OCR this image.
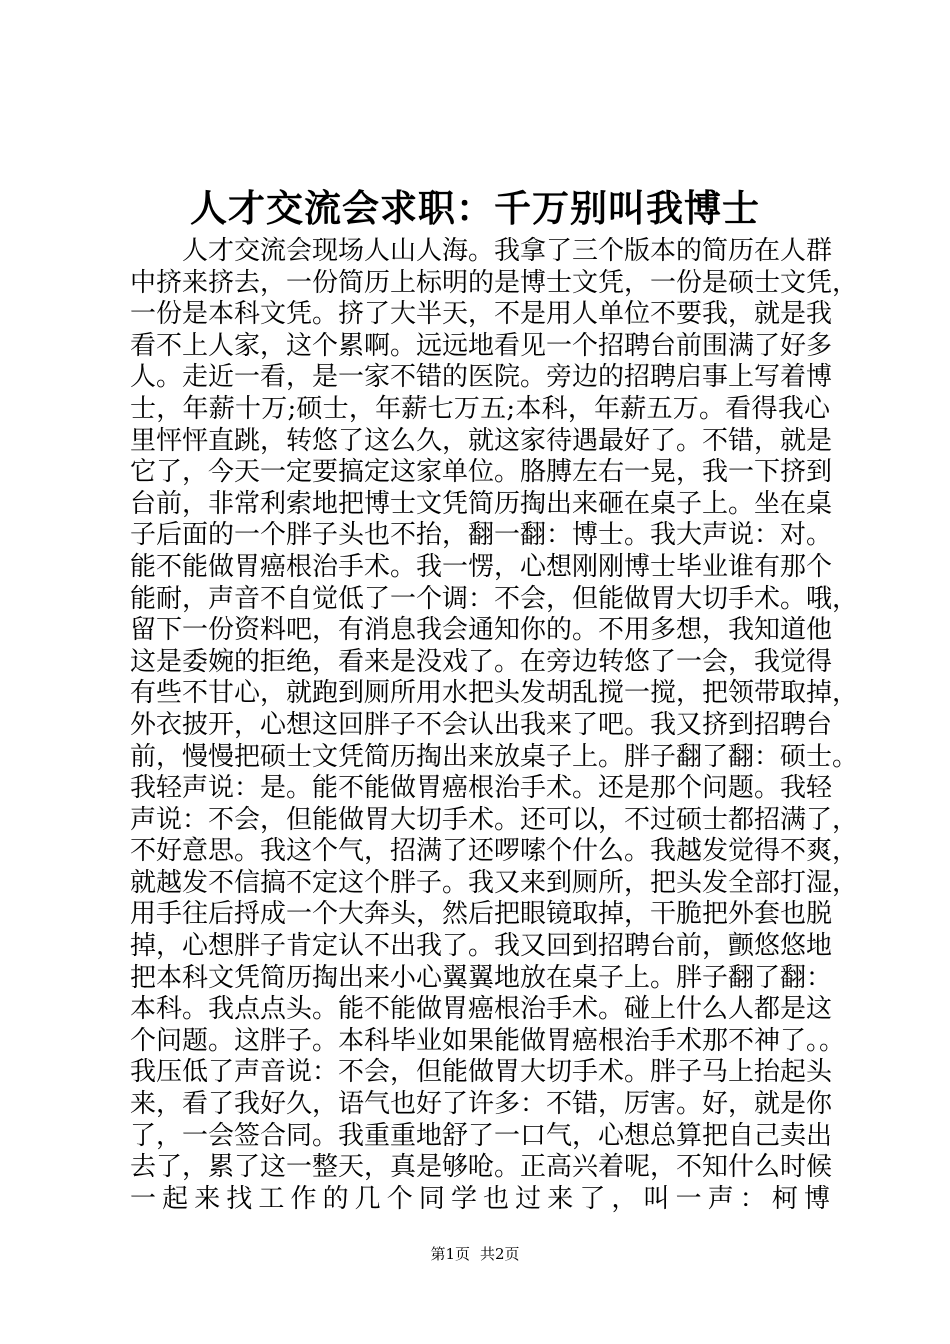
人才交流会求职：千万别叫我博士
人才交流会现场人山人海。我拿了三个版本的简历在人群
中挤来挤去，一份简历上标明的是博士文凭，一份是硕士文凭，
一份是本科文凭。挤了大半天，不是用人单位不要我，就是我
看不上人家，这个累啊。远远地看见一个招聘台前围满了好多
人。走近一看，是一家不错的医院。旁边的招聘启事上写着博
士，年薪十万;硕士，年薪七万五;本科，年薪五万。看得我心
里怦怦直跳，转悠了这么久，就这家待遇最好了。不错，就是
它了，今天一定要搞定这家单位。胳膊左右一晃，我一下挤到
台前，非常利索地把博士文凭简历掏出来砸在桌子上。坐在桌
子后面的一个胖子头也不抬，翻一翻：博士。我大声说：对。
能不能做胃癌根治手术。我一愣，心想刚刚博士毕业谁有那个
能耐，声音不自觉低了一个调：不会，但能做胃大切手术。哦，
留下一份资料吧，有消息我会通知你的。不用多想，我知道他
这是委婉的拒绝，看来是没戏了。在旁边转悠了一会，我觉得
有些不甘心，就跑到厕所用水把头发胡乱搅一搅，把领带取掉，
外衣披开，心想这回胖子不会认出我来了吧。我又挤到招聘台
前，慢慢把硕士文凭简历掏出来放桌子上。胖子翻了翻：硕士。
我轻声说：是。能不能做胃癌根治手术。还是那个问题。我轻
声说：不会，但能做胃大切手术。还可以，不过硕士都招满了，
不好意思。我这个气，招满了还啰嗦个什么。我越发觉得不爽，
就越发不信搞不定这个胖子。我又来到厕所，把头发全部打湿，
用手往后捋成一个大奔头，然后把眼镜取掉，干脆把外套也脱
掉，心想胖子肯定认不出我了。我又回到招聘台前，颤悠悠地
把本科文凭简历掏出来小心翼翼地放在桌子上。胖子翻了翻：
本科。我点点头。能不能做胃癌根治手术。碰上什么人都是这
个问题。这胖子。本科毕业如果能做胃癌根治手术那不神了。。
我压低了声音说：不会，但能做胃大切手术。胖子马上抬起头
来，看了我好久，语气也好了许多：不错，厉害。好，就是你
了，一会签合同。我重重地舒了一口气，心想总算把自己卖出
去了，累了这一整天，真是够呛。正高兴着呢，不知什么时候
一起来找工作的几个同学也过来了，叫一声：柯博
第1页 共2页
